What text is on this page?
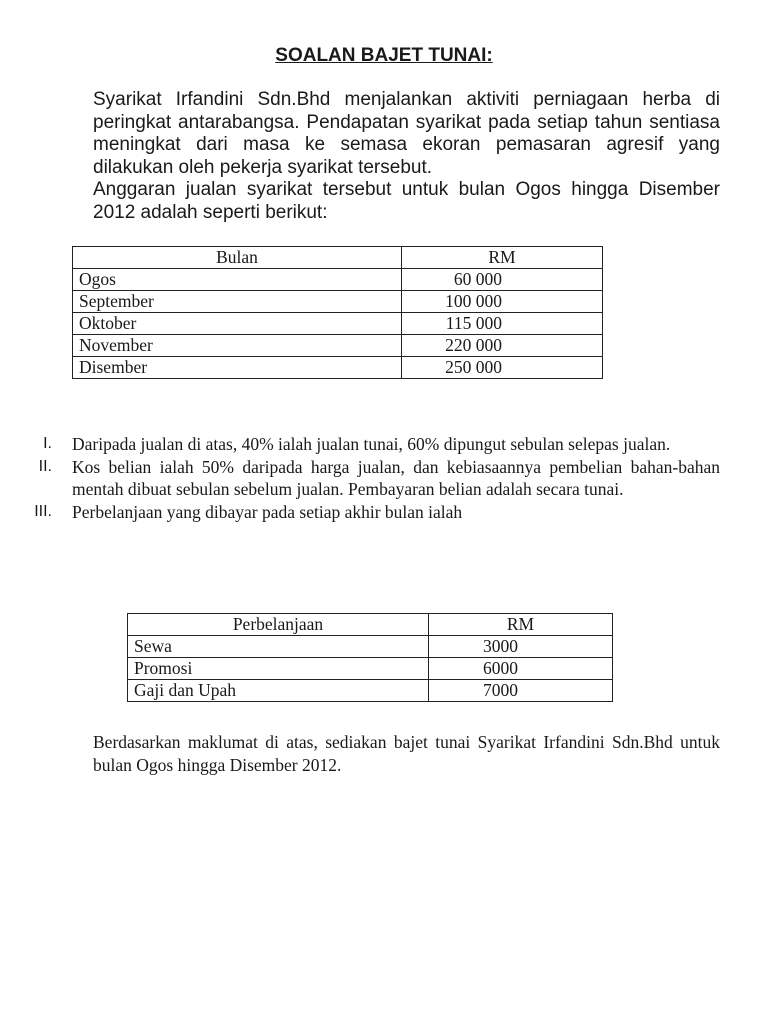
SOALAN BAJET TUNAI:

Syarikat Irfandini Sdn.Bhd menjalankan aktiviti perniagaan herba di peringkat antarabangsa. Pendapatan syarikat pada setiap tahun sentiasa meningkat dari masa ke semasa ekoran pemasaran agresif yang dilakukan oleh pekerja syarikat tersebut.

Anggaran jualan syarikat tersebut untuk bulan Ogos hingga Disember 2012 adalah seperti berikut:

Bulan	RM
Ogos	60 000
September	100 000
Oktober	115 000
November	220 000
Disember	250 000
I. Daripada jualan di atas, 40% ialah jualan tunai, 60% dipungut sebulan selepas jualan.
II. Kos belian ialah 50% daripada harga jualan, dan kebiasaannya pembelian bahan-bahan mentah dibuat sebulan sebelum jualan. Pembayaran belian adalah secara tunai.
III. Perbelanjaan yang dibayar pada setiap akhir bulan ialah
Perbelanjaan	RM
Sewa	3000
Promosi	6000
Gaji dan Upah	7000
Berdasarkan maklumat di atas, sediakan bajet tunai Syarikat Irfandini Sdn.Bhd untuk bulan Ogos hingga Disember 2012.
